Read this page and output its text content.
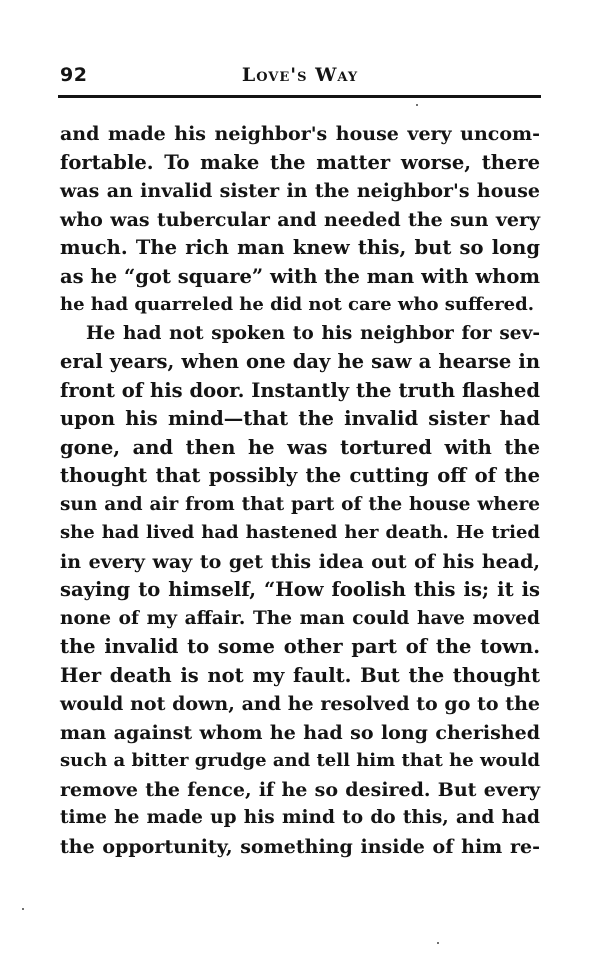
92	Love's Way
and made his neighbor's house very uncom-
fortable. To make the matter worse, there
was an invalid sister in the neighbor's house
who was tubercular and needed the sun very
much. The rich man knew this, but so long
as he “got square” with the man with whom
he had quarreled he did not care who suffered.
He had not spoken to his neighbor for sev-
eral years, when one day he saw a hearse in
front of his door. Instantly the truth flashed
upon his mind—that the invalid sister had
gone, and then he was tortured with the
thought that possibly the cutting off of the
sun and air from that part of the house where
she had lived had hastened her death. He tried
in every way to get this idea out of his head,
saying to himself, “How foolish this is; it is
none of my affair. The man could have moved
the invalid to some other part of the town.
Her death is not my fault. But the thought
would not down, and he resolved to go to the
man against whom he had so long cherished
such a bitter grudge and tell him that he would
remove the fence, if he so desired. But every
time he made up his mind to do this, and had
the opportunity, something inside of him re-
